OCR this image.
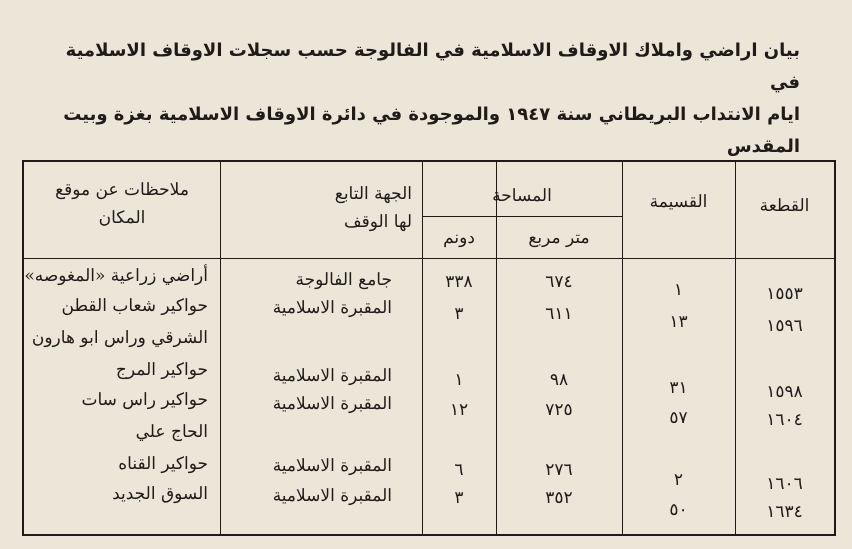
بيان اراضي واملاك الاوقاف الاسلامية في الفالوجة حسب سجلات الاوقاف الاسلامية في
ايام الانتداب البريطاني سنة ١٩٤٧ والموجودة في دائرة الاوقاف الاسلامية بغزة وبيت
المقدس
القطعة
القسيمة
المساحة
متر مربع
دونم
الجهة التابع
لها الوقف
ملاحظات عن موقع
المكان
١٥٥٣
١
٦٧٤
٣٣٨
جامع الفالوجة
أراضي زراعية «المغوصه»
١٥٩٦
١٣
٦١١
٣
المقبرة الاسلامية
حواكير شعاب القطن
الشرقي وراس ابو هارون
١٥٩٨
٣١
٩٨
١
المقبرة الاسلامية
حواكير المرج
١٦٠٤
٥٧
٧٢٥
١٢
المقبرة الاسلامية
حواكير راس سات
الحاج علي
١٦٠٦
٢
٢٧٦
٦
المقبرة الاسلامية
حواكير القناه
١٦٣٤
٥٠
٣٥٢
٣
المقبرة الاسلامية
السوق الجديد
